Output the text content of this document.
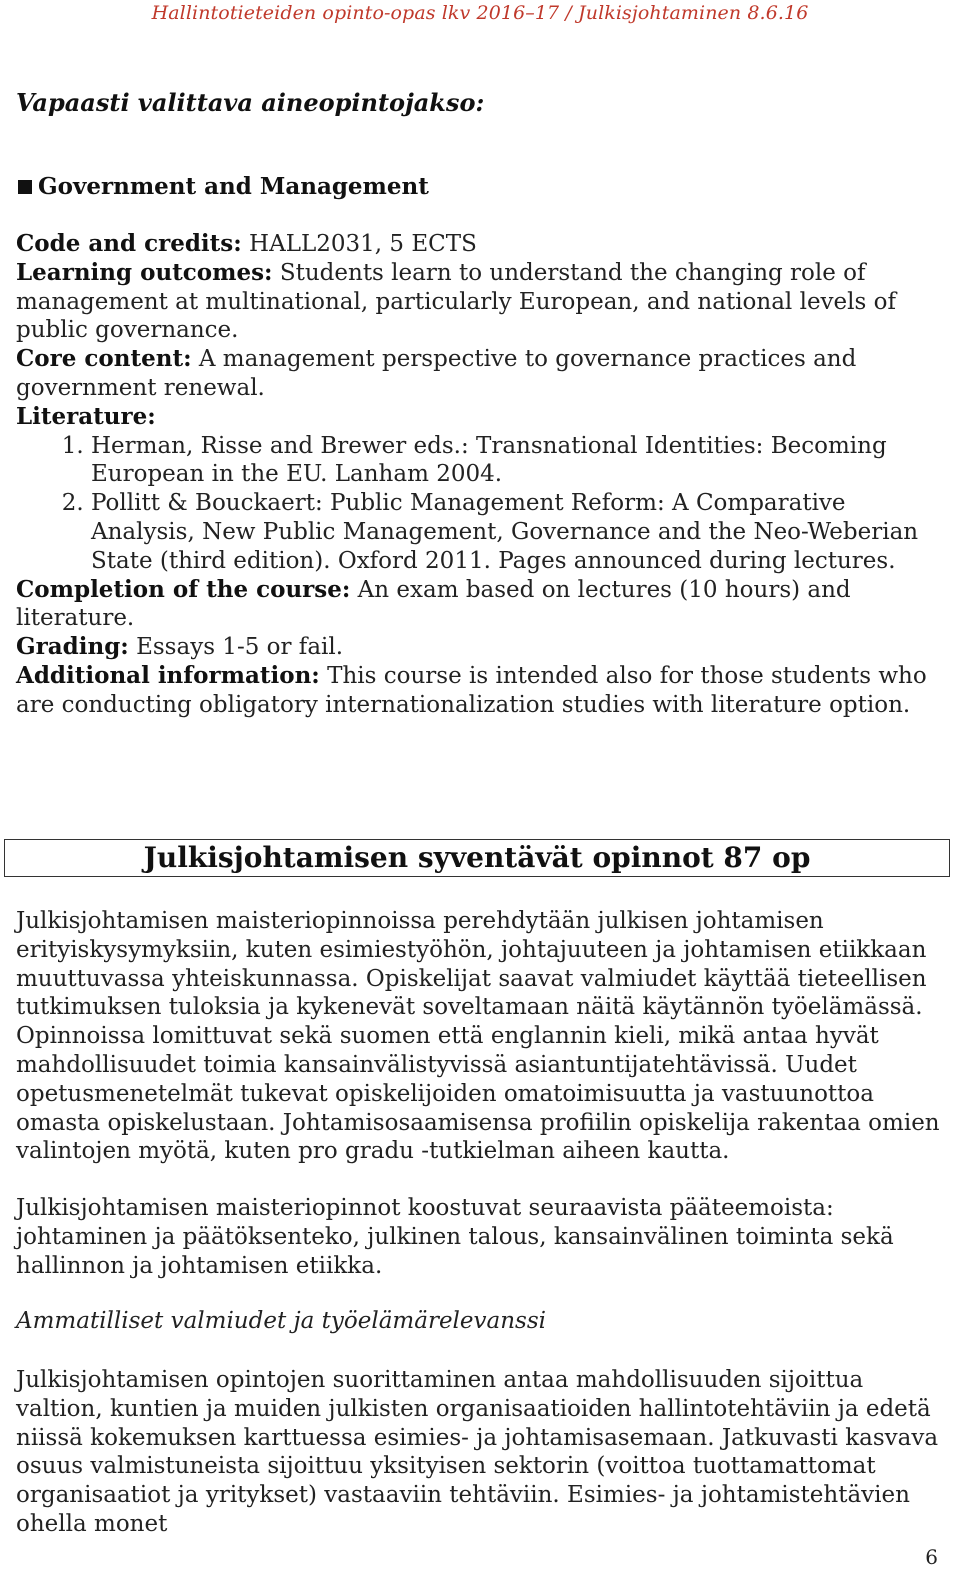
Hallintotieteiden opinto-opas lkv 2016–17 / Julkisjohtaminen 8.6.16
Vapaasti valittava aineopintojakso:
Government and Management

Code and credits: HALL2031, 5 ECTS

Learning outcomes: Students learn to understand the changing role of management at multinational, particularly European, and national levels of public governance.

Core content: A management perspective to governance practices and government renewal.

Literature:

1. Herman, Risse and Brewer eds.: Transnational Identities: Becoming European in the EU. Lanham 2004.
2. Pollitt & Bouckaert: Public Management Reform: A Comparative Analysis, New Public Management, Governance and the Neo-Weberian State (third edition). Oxford 2011. Pages announced during lectures.

Completion of the course: An exam based on lectures (10 hours) and literature.

Grading: Essays 1-5 or fail.

Additional information: This course is intended also for those students who are conducting obligatory internationalization studies with literature option.

Julkisjohtamisen syventävät opinnot 87 op

Julkisjohtamisen maisteriopinnoissa perehdytään julkisen johtamisen erityiskysymyksiin, kuten esimiestyöhön, johtajuuteen ja johtamisen etiikkaan muuttuvassa yhteiskunnassa. Opiskelijat saavat valmiudet käyttää tieteellisen tutkimuksen tuloksia ja kykenevät soveltamaan näitä käytännön työelämässä. Opinnoissa lomittuvat sekä suomen että englannin kieli, mikä antaa hyvät mahdollisuudet toimia kansainvälistyvissä asiantuntijatehtävissä. Uudet opetusmenetelmät tukevat opiskelijoiden omatoimisuutta ja vastuunottoa omasta opiskelustaan. Johtamisosaamisensa profiilin opiskelija rakentaa omien valintojen myötä, kuten pro gradu -tutkielman aiheen kautta.

Julkisjohtamisen maisteriopinnot koostuvat seuraavista pääteemoista: johtaminen ja päätöksenteko, julkinen talous, kansainvälinen toiminta sekä hallinnon ja johtamisen etiikka.

Ammatilliset valmiudet ja työelämärelevanssi

Julkisjohtamisen opintojen suorittaminen antaa mahdollisuuden sijoittua valtion, kuntien ja muiden julkisten organisaatioiden hallintotehtäviin ja edetä niissä kokemuksen karttuessa esimies- ja johtamisasemaan. Jatkuvasti kasvava osuus valmistuneista sijoittuu yksityisen sektorin (voittoa tuottamattomat organisaatiot ja yritykset) vastaaviin tehtäviin. Esimies- ja johtamistehtävien ohella monet

6
